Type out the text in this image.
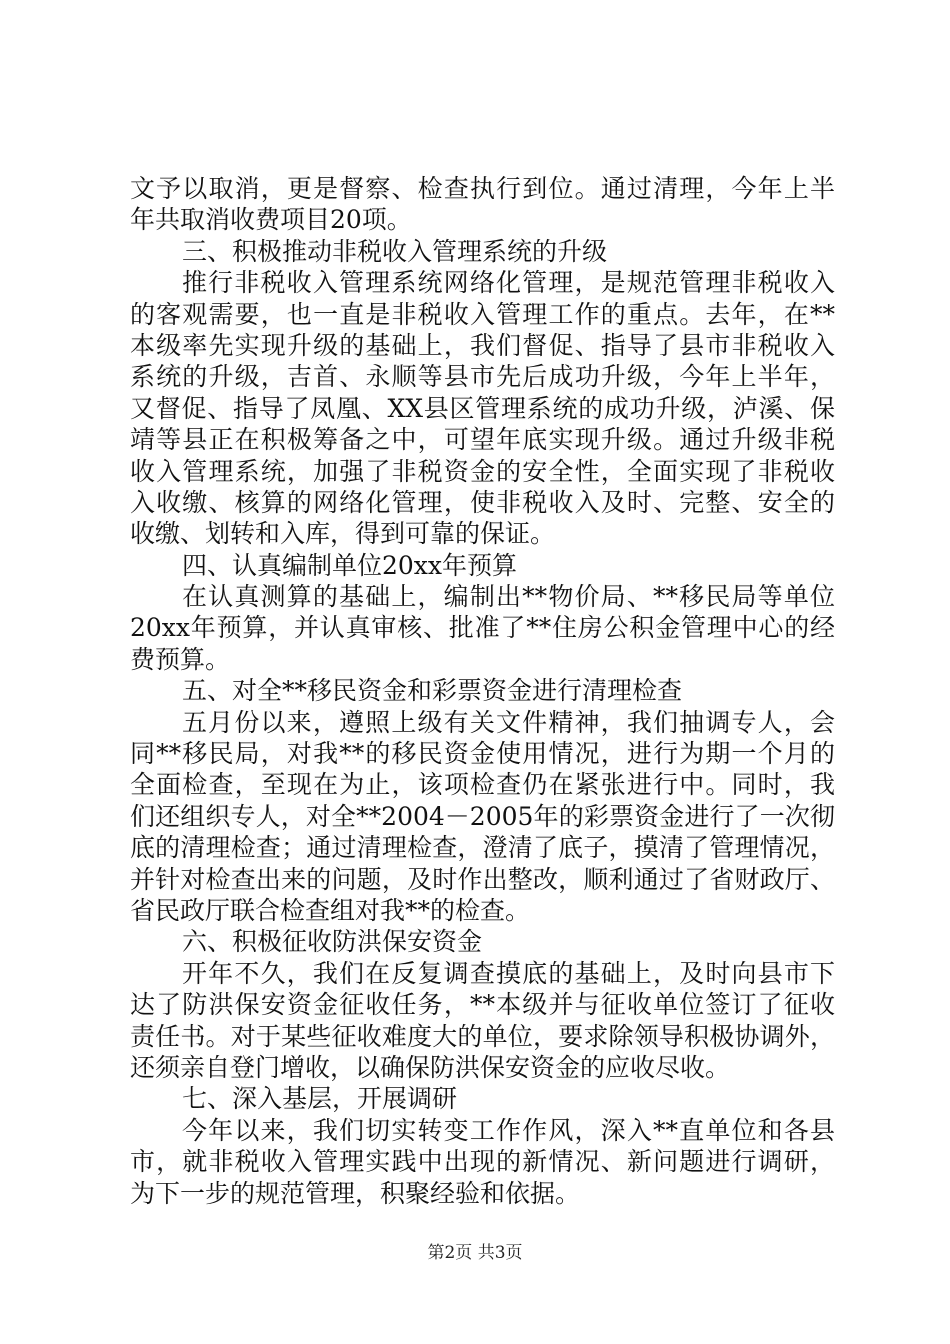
文予以取消，更是督察、检查执行到位。通过清理，今年上半
年共取消收费项目20项。
三、积极推动非税收入管理系统的升级
推行非税收入管理系统网络化管理，是规范管理非税收入
的客观需要，也一直是非税收入管理工作的重点。去年，在**
本级率先实现升级的基础上，我们督促、指导了县市非税收入
系统的升级，吉首、永顺等县市先后成功升级，今年上半年，
又督促、指导了凤凰、XX县区管理系统的成功升级，泸溪、保
靖等县正在积极筹备之中，可望年底实现升级。通过升级非税
收入管理系统，加强了非税资金的安全性，全面实现了非税收
入收缴、核算的网络化管理，使非税收入及时、完整、安全的
收缴、划转和入库，得到可靠的保证。
四、认真编制单位20xx年预算
在认真测算的基础上，编制出**物价局、**移民局等单位
20xx年预算，并认真审核、批准了**住房公积金管理中心的经
费预算。
五、对全**移民资金和彩票资金进行清理检查
五月份以来，遵照上级有关文件精神，我们抽调专人，会
同**移民局，对我**的移民资金使用情况，进行为期一个月的
全面检查，至现在为止，该项检查仍在紧张进行中。同时，我
们还组织专人，对全**2004－2005年的彩票资金进行了一次彻
底的清理检查；通过清理检查，澄清了底子，摸清了管理情况，
并针对检查出来的问题，及时作出整改，顺利通过了省财政厅、
省民政厅联合检查组对我**的检查。
六、积极征收防洪保安资金
开年不久，我们在反复调查摸底的基础上，及时向县市下
达了防洪保安资金征收任务，**本级并与征收单位签订了征收
责任书。对于某些征收难度大的单位，要求除领导积极协调外，
还须亲自登门增收，以确保防洪保安资金的应收尽收。
七、深入基层，开展调研
今年以来，我们切实转变工作作风，深入**直单位和各县
市，就非税收入管理实践中出现的新情况、新问题进行调研，
为下一步的规范管理，积聚经验和依据。
第2页 共3页
